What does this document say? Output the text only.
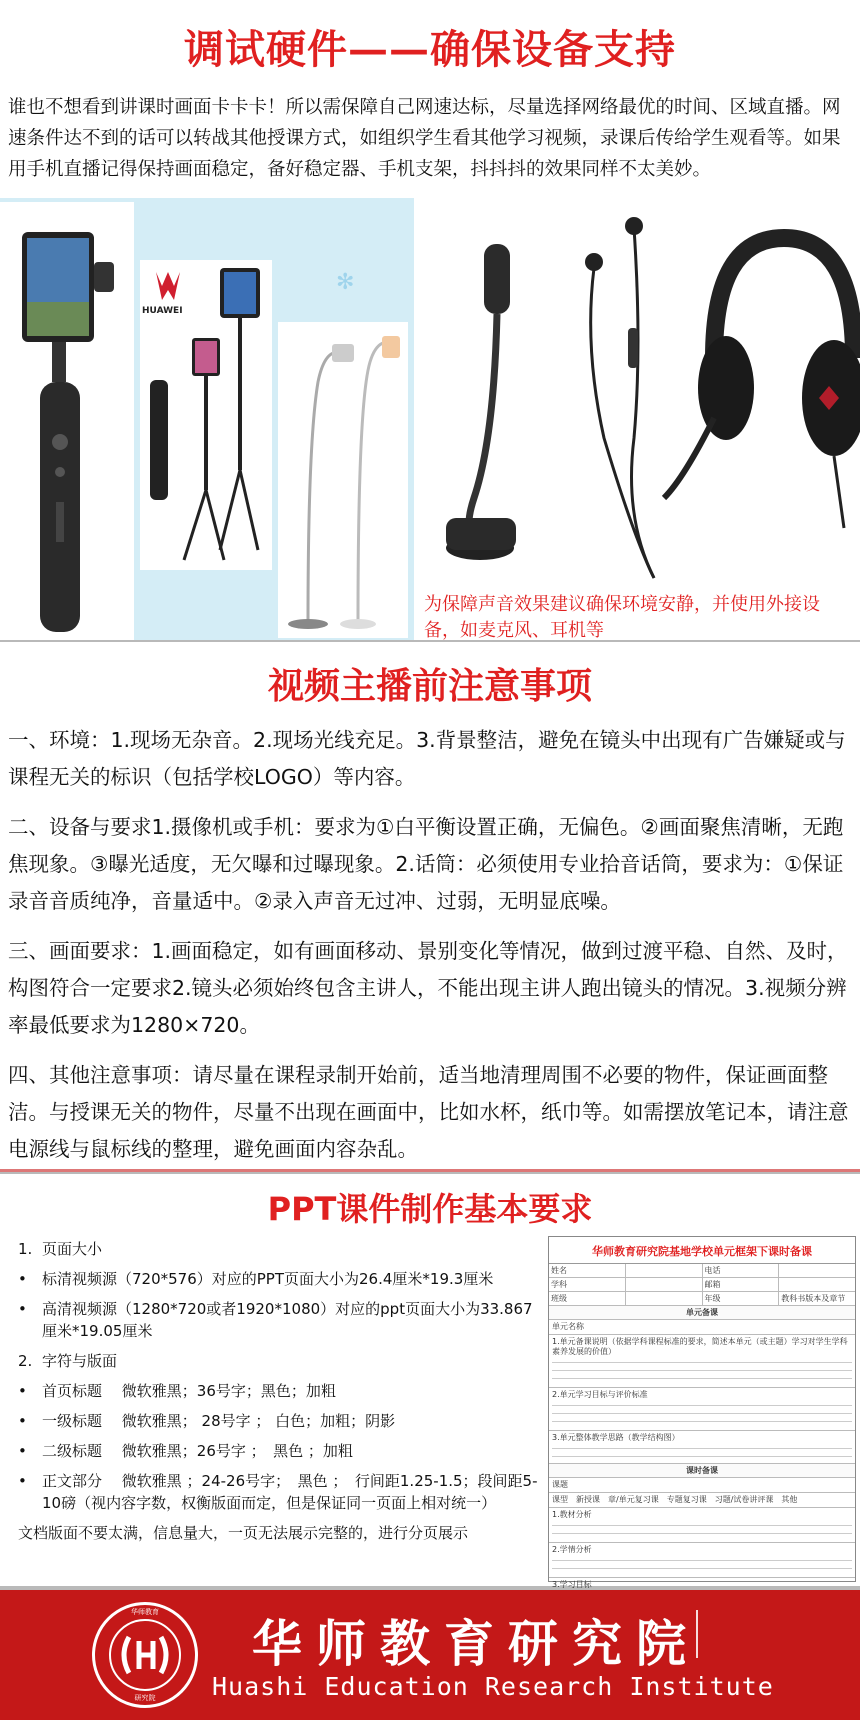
调试硬件——确保设备支持

谁也不想看到讲课时画面卡卡卡！所以需保障自己网速达标，尽量选择网络最优的时间、区域直播。网速条件达不到的话可以转战其他授课方式，如组织学生看其他学习视频，录课后传给学生观看等。如果用手机直播记得保持画面稳定，备好稳定器、手机支架，抖抖抖的效果同样不太美妙。

HUAWEI
✻
为保障声音效果建议确保环境安静，并使用外接设备，如麦克风、耳机等
视频主播前注意事项

一、环境：1.现场无杂音。2.现场光线充足。3.背景整洁，避免在镜头中出现有广告嫌疑或与课程无关的标识（包括学校LOGO）等内容。

二、设备与要求1.摄像机或手机：要求为①白平衡设置正确，无偏色。②画面聚焦清晰，无跑焦现象。③曝光适度，无欠曝和过曝现象。2.话筒：必须使用专业拾音话筒，要求为：①保证录音音质纯净，音量适中。②录入声音无过冲、过弱，无明显底噪。

三、画面要求：1.画面稳定，如有画面移动、景别变化等情况，做到过渡平稳、自然、及时，构图符合一定要求2.镜头必须始终包含主讲人，不能出现主讲人跑出镜头的情况。3.视频分辨率最低要求为1280×720。

四、其他注意事项：请尽量在课程录制开始前，适当地清理周围不必要的物件，保证画面整洁。与授课无关的物件，尽量不出现在画面中，比如水杯，纸巾等。如需摆放笔记本，请注意电源线与鼠标线的整理，避免画面内容杂乱。

PPT课件制作基本要求
1. 页面大小
•	标清视频源（720*576）对应的PPT页面大小为26.4厘米*19.3厘米
•	高清视频源（1280*720或者1920*1080）对应的ppt页面大小为33.867厘米*19.05厘米
2. 字符与版面
•	首页标题　 微软雅黑；36号字；黑色；加粗
•	一级标题　 微软雅黑； 28号字 ； 白色；加粗；阴影
•	二级标题　 微软雅黑；26号字 ；　黑色 ；加粗
•	正文部分　 微软雅黑 ；24-26号字；　黑色 ；　行间距1.25-1.5；段间距5-10磅（视内容字数，权衡版面而定，但是保证同一页面上相对统一）
文档版面不要太满，信息量大，一页无法展示完整的，进行分页展示
华师教育研究院基地学校单元框架下课时备课
姓名	电话
学科	邮箱
班级	年级	教科书版本及章节
单元备课
单元名称
1.单元备课说明（依据学科课程标准的要求，简述本单元（或主题）学习对学生学科素养发展的价值）
2.单元学习目标与评价标准
3.单元整体教学思路（教学结构图）
课时备课
课题
课型　 新授课　章/单元复习课　专题复习课　习题/试卷讲评课　其他
1.教材分析
2.学情分析
3.学习目标
华师教育
研究院
华师教育研究院
Huashi Education Research Institute
